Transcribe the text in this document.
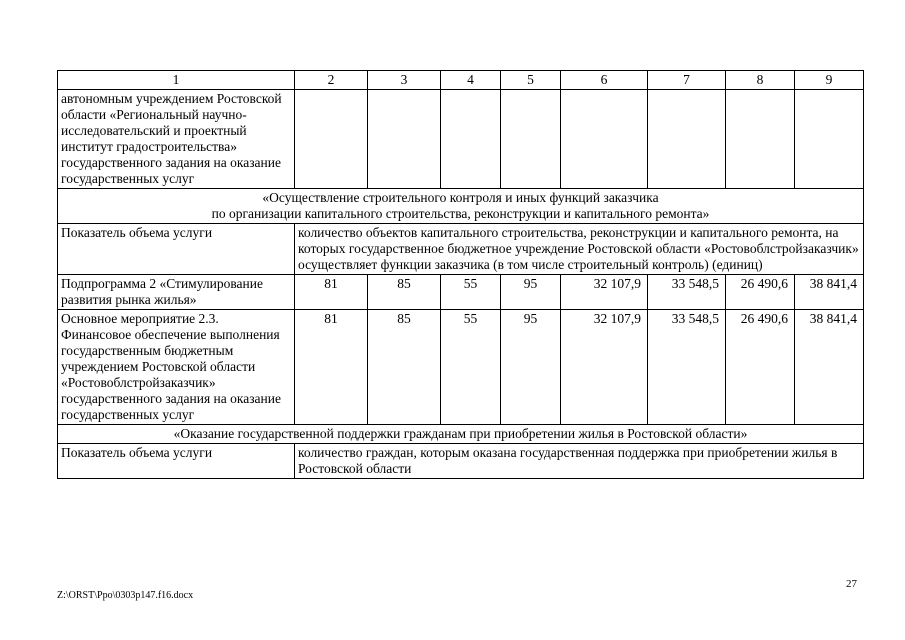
1	2	3	4	5	6	7	8	9
автономным учреждением Ростовской области «Региональный научно-исследовательский и проектный институт градостроительства» государственного задания на оказание государственных услуг								

«Осуществление строительного контроля и иных функций заказчика
по организации капитального строительства, реконструкции и капитального ремонта»								

Показатель объема услуги	количество объектов капитального строительства, реконструкции и капитального ремонта, на которых государственное бюджетное учреждение Ростовской области «Ростовоблстройзаказчик» осуществляет функции заказчика (в том числе строительный контроль) (единиц)							
Подпрограмма 2 «Стимулирование развития рынка жилья»	81	85	55	95	32 107,9	33 548,5	26 490,6	38 841,4
Основное мероприятие 2.3. Финансовое обеспечение выполнения государственным бюджетным учреждением Ростовской области «Ростовоблстройзаказчик» государственного задания на оказание государственных услуг	81	85	55	95	32 107,9	33 548,5	26 490,6	38 841,4
«Оказание государственной поддержки гражданам при приобретении жилья в Ростовской области»								
Показатель объема услуги	количество граждан, которым оказана государственная поддержка при приобретении жилья в Ростовской области							
27
Z:\ORST\Ppo\0303p147.f16.docx
